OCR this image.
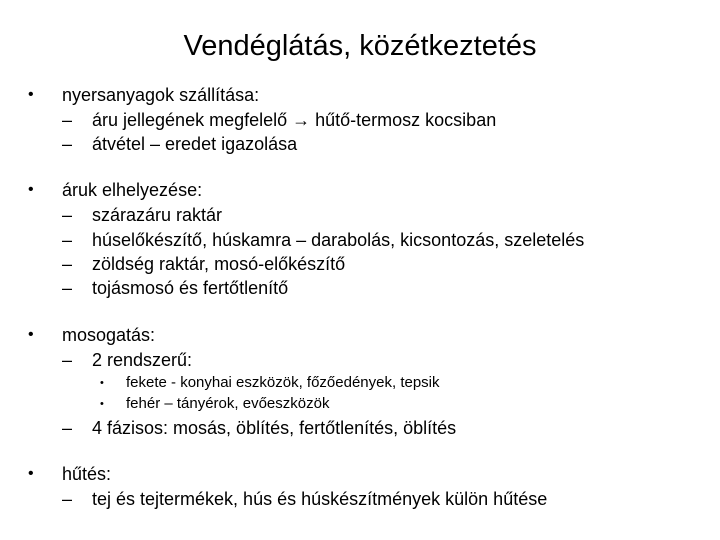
Vendéglátás, közétkeztetés
• nyersanyagok szállítása:
– áru jellegének megfelelő → hűtő-termosz kocsiban
– átvétel – eredet igazolása
• áruk elhelyezése:
– szárazáru raktár
– húselőkészítő, húskamra – darabolás, kicsontozás, szeletelés
– zöldség raktár, mosó-előkészítő
– tojásmosó és fertőtlenítő
• mosogatás:
– 2 rendszerű:
• fekete - konyhai eszközök, főzőedények, tepsik
• fehér – tányérok, evőeszközök
– 4 fázisos: mosás, öblítés, fertőtlenítés, öblítés
• hűtés:
– tej és tejtermékek, hús és húskészítmények külön hűtése
